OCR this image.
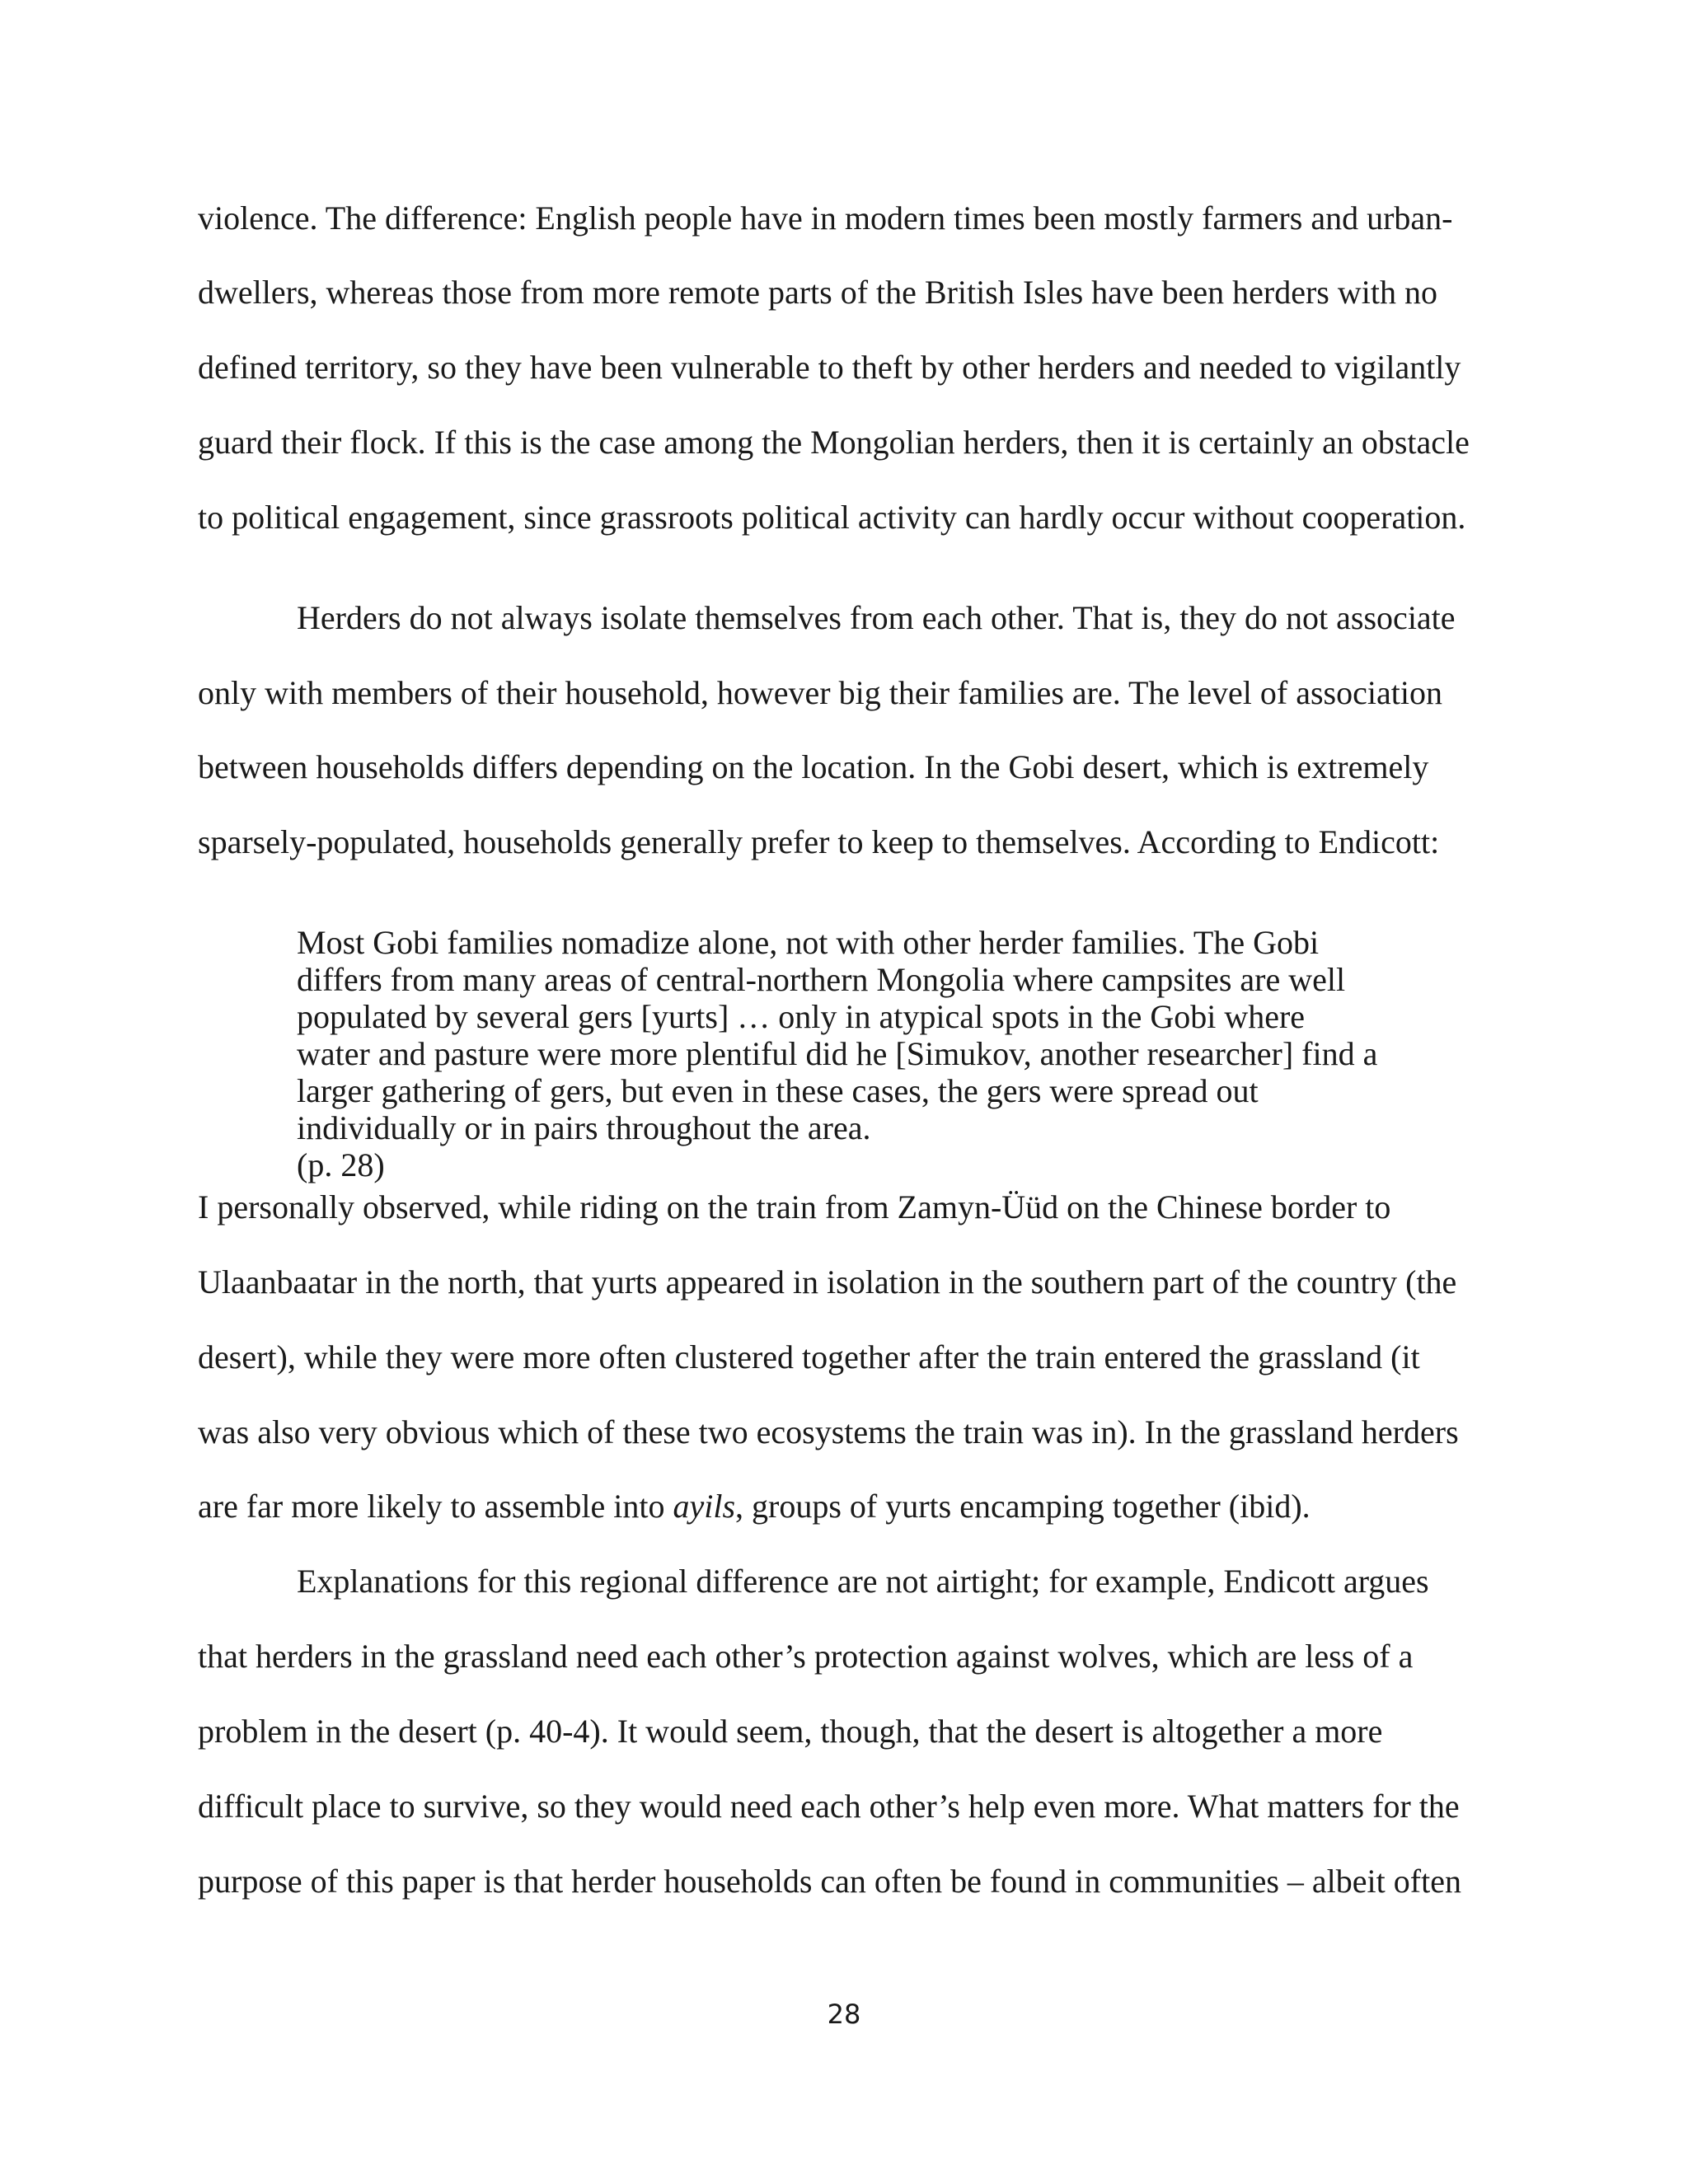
violence. The difference: English people have in modern times been mostly farmers and urban-
dwellers, whereas those from more remote parts of the British Isles have been herders with no
defined territory, so they have been vulnerable to theft by other herders and needed to vigilantly
guard their flock. If this is the case among the Mongolian herders, then it is certainly an obstacle
to political engagement, since grassroots political activity can hardly occur without cooperation.
Herders do not always isolate themselves from each other. That is, they do not associate
only with members of their household, however big their families are. The level of association
between households differs depending on the location. In the Gobi desert, which is extremely
sparsely-populated, households generally prefer to keep to themselves. According to Endicott:
Most Gobi families nomadize alone, not with other herder families. The Gobi
differs from many areas of central-northern Mongolia where campsites are well
populated by several gers [yurts] … only in atypical spots in the Gobi where
water and pasture were more plentiful did he [Simukov, another researcher] find a
larger gathering of gers, but even in these cases, the gers were spread out
individually or in pairs throughout the area.
(p. 28)
I personally observed, while riding on the train from Zamyn-Üüd on the Chinese border to
Ulaanbaatar in the north, that yurts appeared in isolation in the southern part of the country (the
desert), while they were more often clustered together after the train entered the grassland (it
was also very obvious which of these two ecosystems the train was in). In the grassland herders
are far more likely to assemble into ayils, groups of yurts encamping together (ibid).
Explanations for this regional difference are not airtight; for example, Endicott argues
that herders in the grassland need each other’s protection against wolves, which are less of a
problem in the desert (p. 40-4). It would seem, though, that the desert is altogether a more
difficult place to survive, so they would need each other’s help even more. What matters for the
purpose of this paper is that herder households can often be found in communities – albeit often
28
